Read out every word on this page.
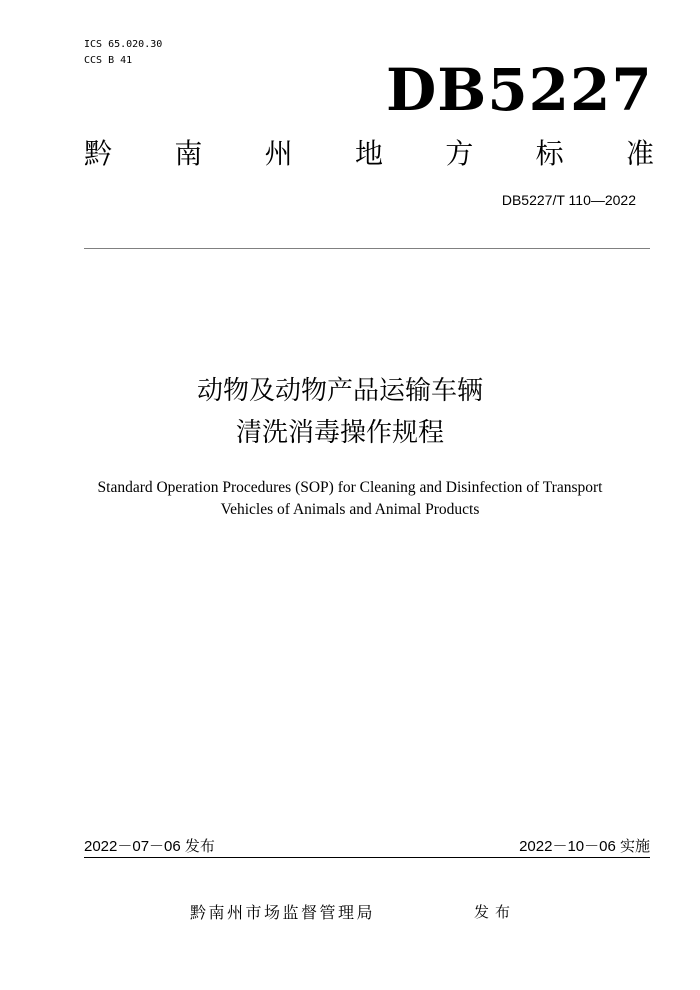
ICS 65.020.30
CCS B 41	DB5227
黔 南 州 地 方 标 准
DB5227/T 110—2022
动物及动物产品运输车辆
清洗消毒操作规程
Standard Operation Procedures (SOP) for Cleaning and Disinfection of Transport
Vehicles of Animals and Animal Products
2022－07－06 发布	2022－10－06 实施
黔南州市场监督管理局	发布
